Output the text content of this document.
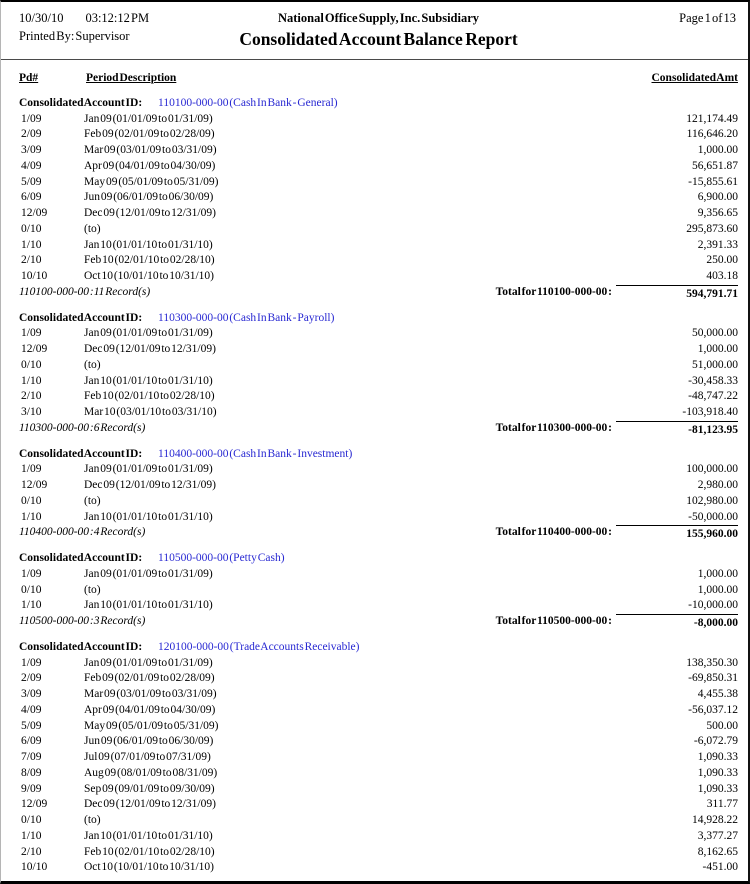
10/30/10 03:12:12 PM	National Office Supply, Inc. Subsidiary	Page 1 of 13
Printed By: Supervisor	Consolidated Account Balance Report
Pd#	Period Description	Consolidated Amt
Consolidated Account ID: 110100-000-00 (Cash In Bank - General)
1/09	Jan 09 (01/01/09 to 01/31/09)	121,174.49
2/09	Feb 09 (02/01/09 to 02/28/09)	116,646.20
3/09	Mar 09 (03/01/09 to 03/31/09)	1,000.00
4/09	Apr 09 (04/01/09 to 04/30/09)	56,651.87
5/09	May 09 (05/01/09 to 05/31/09)	-15,855.61
6/09	Jun 09 (06/01/09 to 06/30/09)	6,900.00
12/09	Dec 09 (12/01/09 to 12/31/09)	9,356.65
0/10	(to)	295,873.60
1/10	Jan 10 (01/01/10 to 01/31/10)	2,391.33
2/10	Feb 10 (02/01/10 to 02/28/10)	250.00
10/10	Oct 10 (10/01/10 to 10/31/10)	403.18
110100-000-00 :11 Record(s)	Total for 110100-000-00 :	594,791.71
Consolidated Account ID: 110300-000-00 (Cash In Bank - Payroll)
1/09	Jan 09 (01/01/09 to 01/31/09)	50,000.00
12/09	Dec 09 (12/01/09 to 12/31/09)	1,000.00
0/10	(to)	51,000.00
1/10	Jan 10 (01/01/10 to 01/31/10)	-30,458.33
2/10	Feb 10 (02/01/10 to 02/28/10)	-48,747.22
3/10	Mar 10 (03/01/10 to 03/31/10)	-103,918.40
110300-000-00 :6 Record(s)	Total for 110300-000-00 :	-81,123.95
Consolidated Account ID: 110400-000-00 (Cash In Bank - Investment)
1/09	Jan 09 (01/01/09 to 01/31/09)	100,000.00
12/09	Dec 09 (12/01/09 to 12/31/09)	2,980.00
0/10	(to)	102,980.00
1/10	Jan 10 (01/01/10 to 01/31/10)	-50,000.00
110400-000-00 :4 Record(s)	Total for 110400-000-00 :	155,960.00
Consolidated Account ID: 110500-000-00 (Petty Cash)
1/09	Jan 09 (01/01/09 to 01/31/09)	1,000.00
0/10	(to)	1,000.00
1/10	Jan 10 (01/01/10 to 01/31/10)	-10,000.00
110500-000-00 :3 Record(s)	Total for 110500-000-00 :	-8,000.00
Consolidated Account ID: 120100-000-00 (Trade Accounts Receivable)
1/09	Jan 09 (01/01/09 to 01/31/09)	138,350.30
2/09	Feb 09 (02/01/09 to 02/28/09)	-69,850.31
3/09	Mar 09 (03/01/09 to 03/31/09)	4,455.38
4/09	Apr 09 (04/01/09 to 04/30/09)	-56,037.12
5/09	May 09 (05/01/09 to 05/31/09)	500.00
6/09	Jun 09 (06/01/09 to 06/30/09)	-6,072.79
7/09	Jul 09 (07/01/09 to 07/31/09)	1,090.33
8/09	Aug 09 (08/01/09 to 08/31/09)	1,090.33
9/09	Sep 09 (09/01/09 to 09/30/09)	1,090.33
12/09	Dec 09 (12/01/09 to 12/31/09)	311.77
0/10	(to)	14,928.22
1/10	Jan 10 (01/01/10 to 01/31/10)	3,377.27
2/10	Feb 10 (02/01/10 to 02/28/10)	8,162.65
10/10	Oct 10 (10/01/10 to 10/31/10)	-451.00
